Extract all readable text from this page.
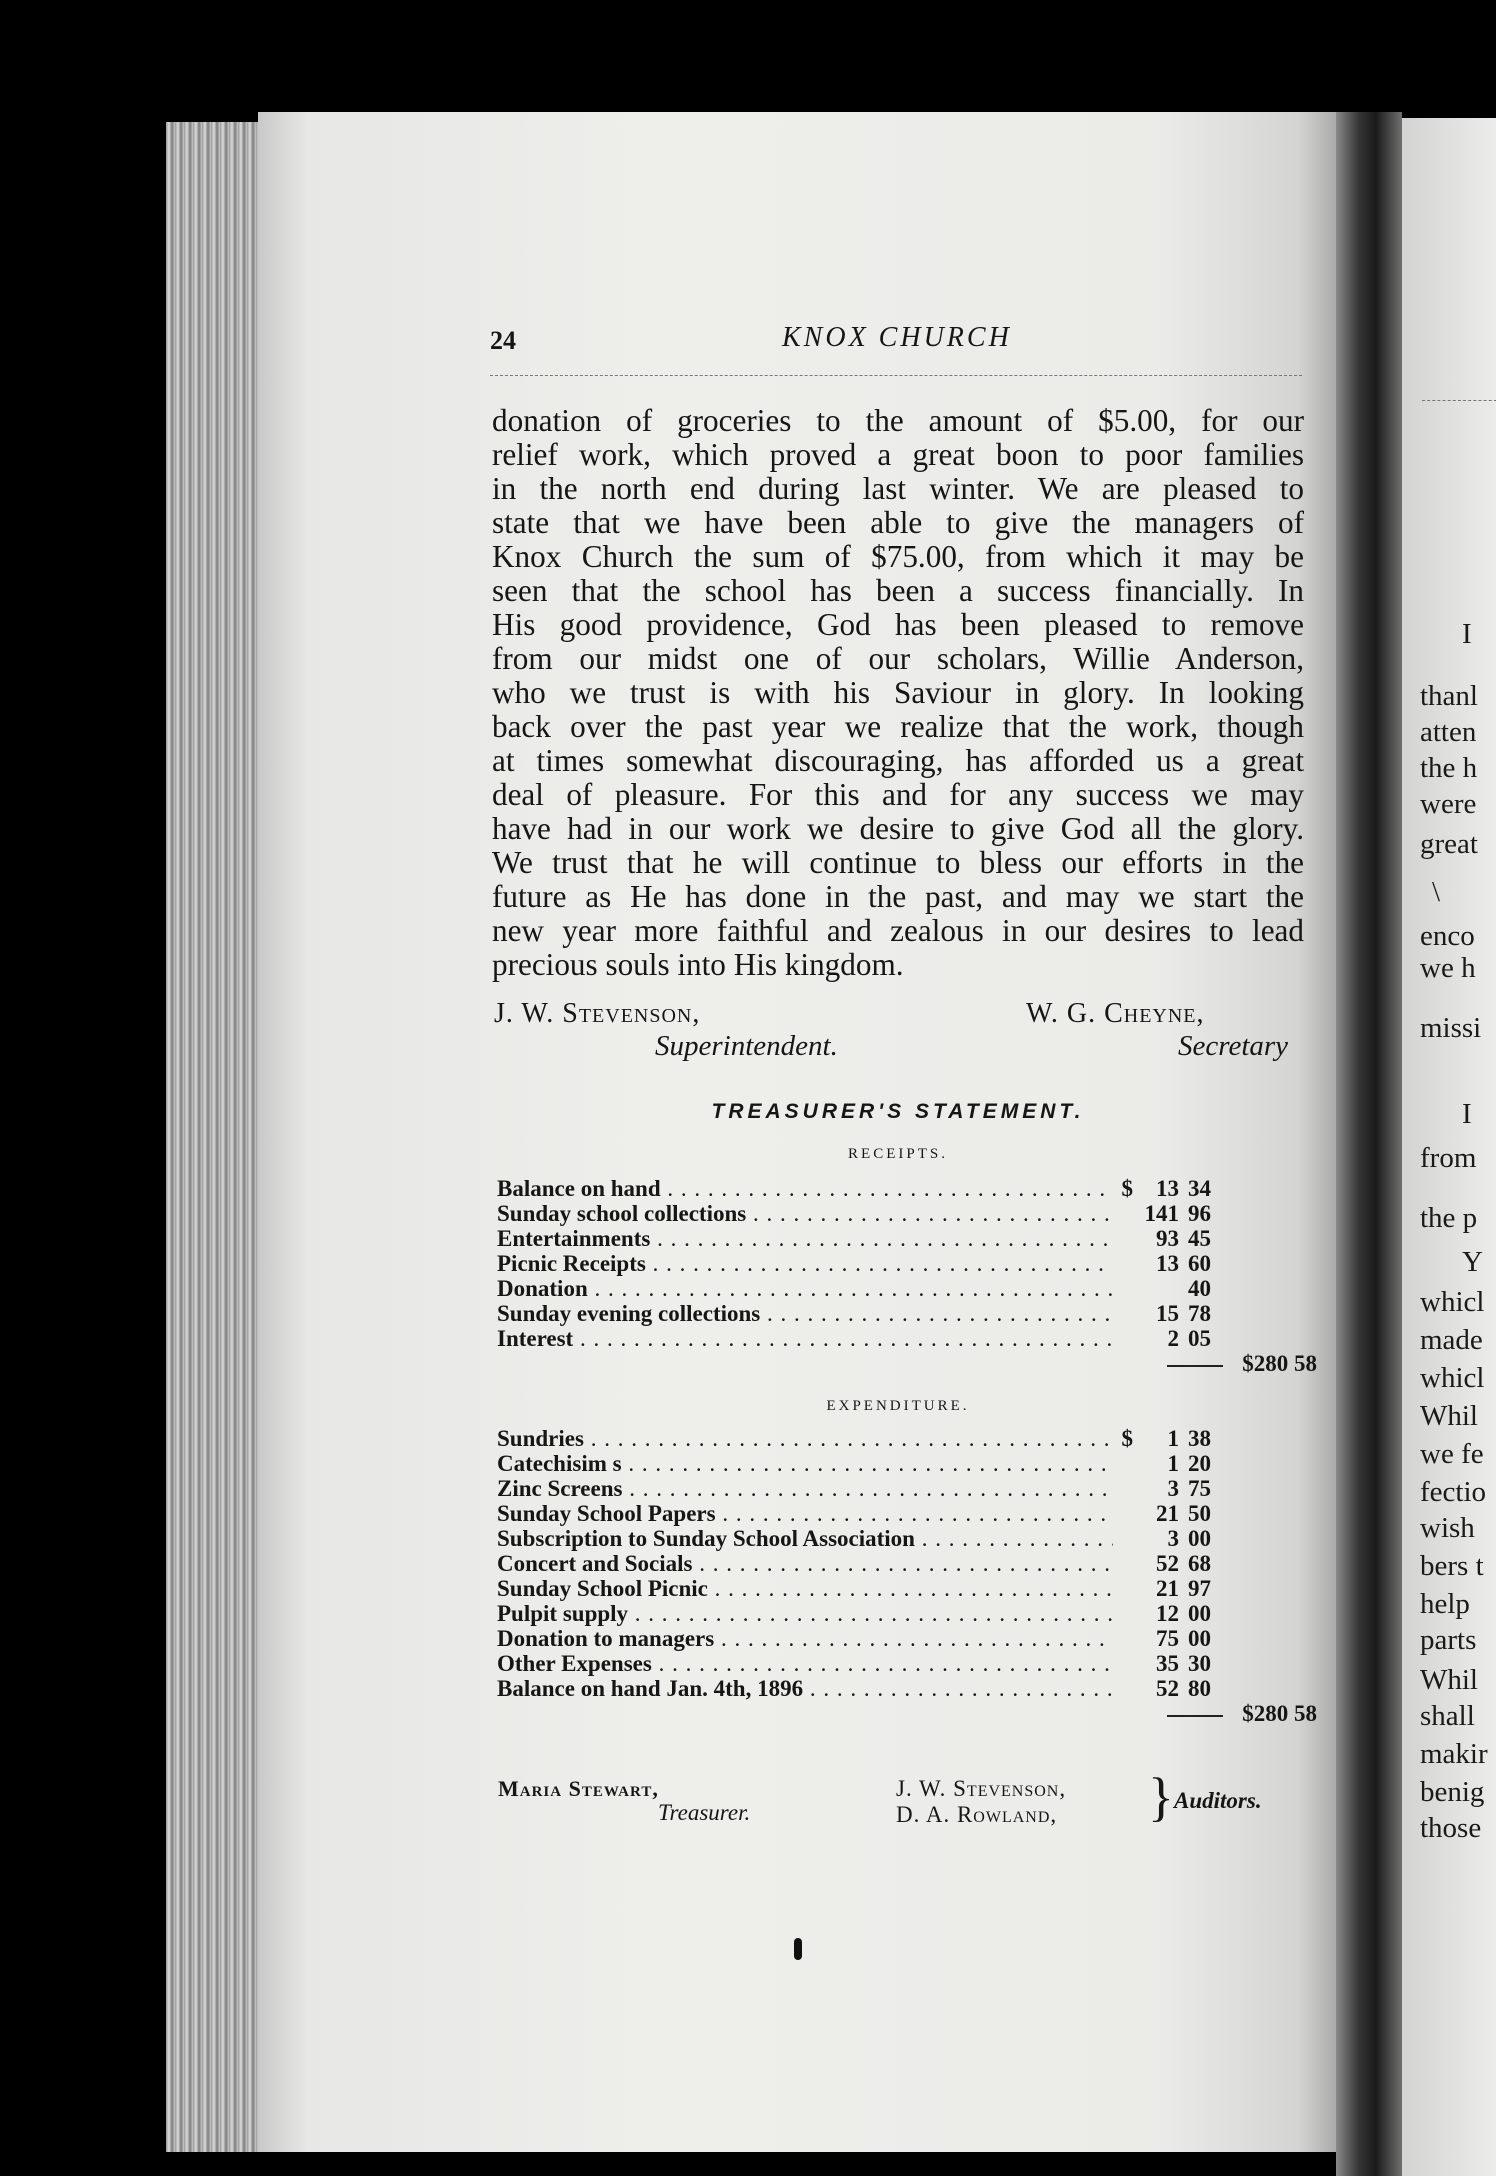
I
thanl
atten
the h
were
great
\
enco
we h
missi
I
from
the p
Y
whicl
made
whicl
Whil
we fe
fectio
wish
bers t
help
parts
Whil
shall
makir
benig
those
24	KNOX CHURCH
donation of groceries to the amount of $5.00, for our
relief work, which proved a great boon to poor families
in the north end during last winter. We are pleased to
state that we have been able to give the managers of
Knox Church the sum of $75.00, from which it may be
seen that the school has been a success financially. In
His good providence, God has been pleased to remove
from our midst one of our scholars, Willie Anderson,
who we trust is with his Saviour in glory. In looking
back over the past year we realize that the work, though
at times somewhat discouraging, has afforded us a great
deal of pleasure. For this and for any success we may
have had in our work we desire to give God all the glory.
We trust that he will continue to bless our efforts in the
future as He has done in the past, and may we start the
new year more faithful and zealous in our desires to lead
precious souls into His kingdom.
J. W. Stevenson,
Superintendent.
W. G. Cheyne,
Secretary
TREASURER'S STATEMENT.
RECEIPTS.
Balance on hand . . .	$	13 34
Sunday school collections . . .	141 96
Entertainments . . .	93 45
Picnic Receipts . . .	13 60
Donation . . .	40
Sunday evening collections . . .	15 78
Interest . . .	2 05
$280 58
EXPENDITURE.
Sundries . . .	$	1 38
Catechisim s . . .	1 20
Zinc Screens . . .	3 75
Sunday School Papers . . .	21 50
Subscription to Sunday School Association . . .	3 00
Concert and Socials . . .	52 68
Sunday School Picnic . . .	21 97
Pulpit supply . . .	12 00
Donation to managers . . .	75 00
Other Expenses . . .	35 30
Balance on hand Jan. 4th, 1896 . . .	52 80
$280 58
Maria Stewart,
Treasurer.
J. W. Stevenson,
D. A. Rowland, } Auditors.
